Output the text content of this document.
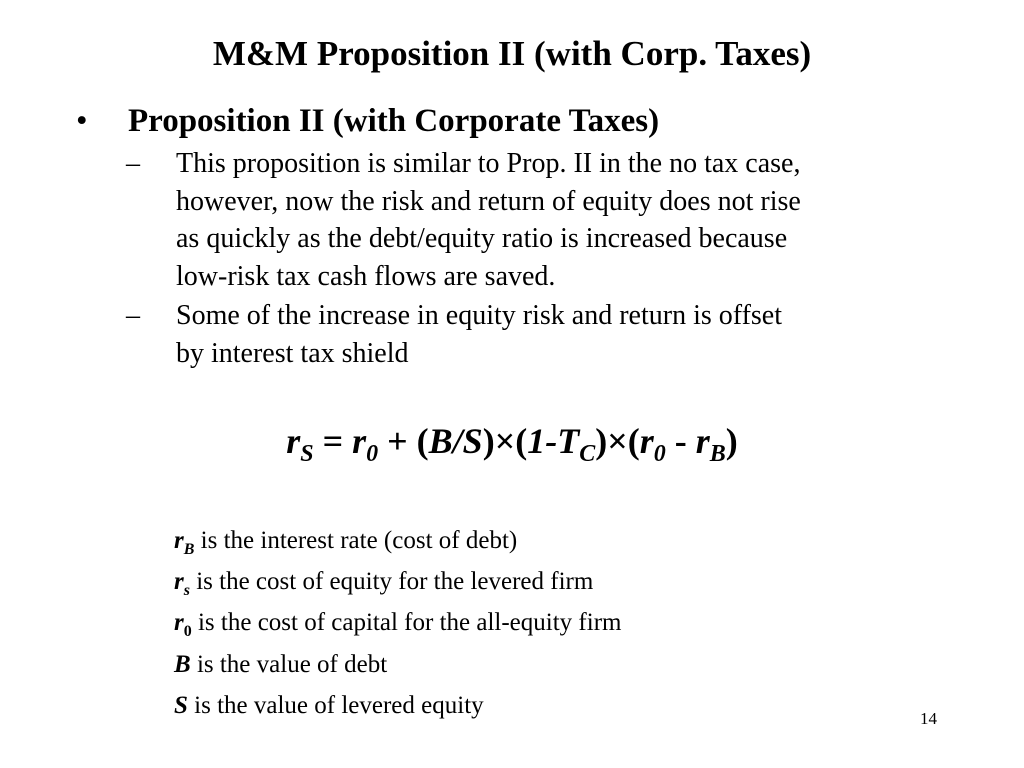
M&M Proposition II (with Corp. Taxes)
• Proposition II (with Corporate Taxes)
– This proposition is similar to Prop. II in the no tax case,
however, now the risk and return of equity does not rise
as quickly as the debt/equity ratio is increased because
low-risk tax cash flows are saved.
– Some of the increase in equity risk and return is offset
by interest tax shield
$r_S = r_0 + (B/S)\times(1-T_C)\times(r_0 - r_B)$
$r_B$ is the interest rate (cost of debt)
$r_s$ is the cost of equity for the levered firm
$r_0$ is the cost of capital for the all-equity firm
B is the value of debt
S is the value of levered equity	14
